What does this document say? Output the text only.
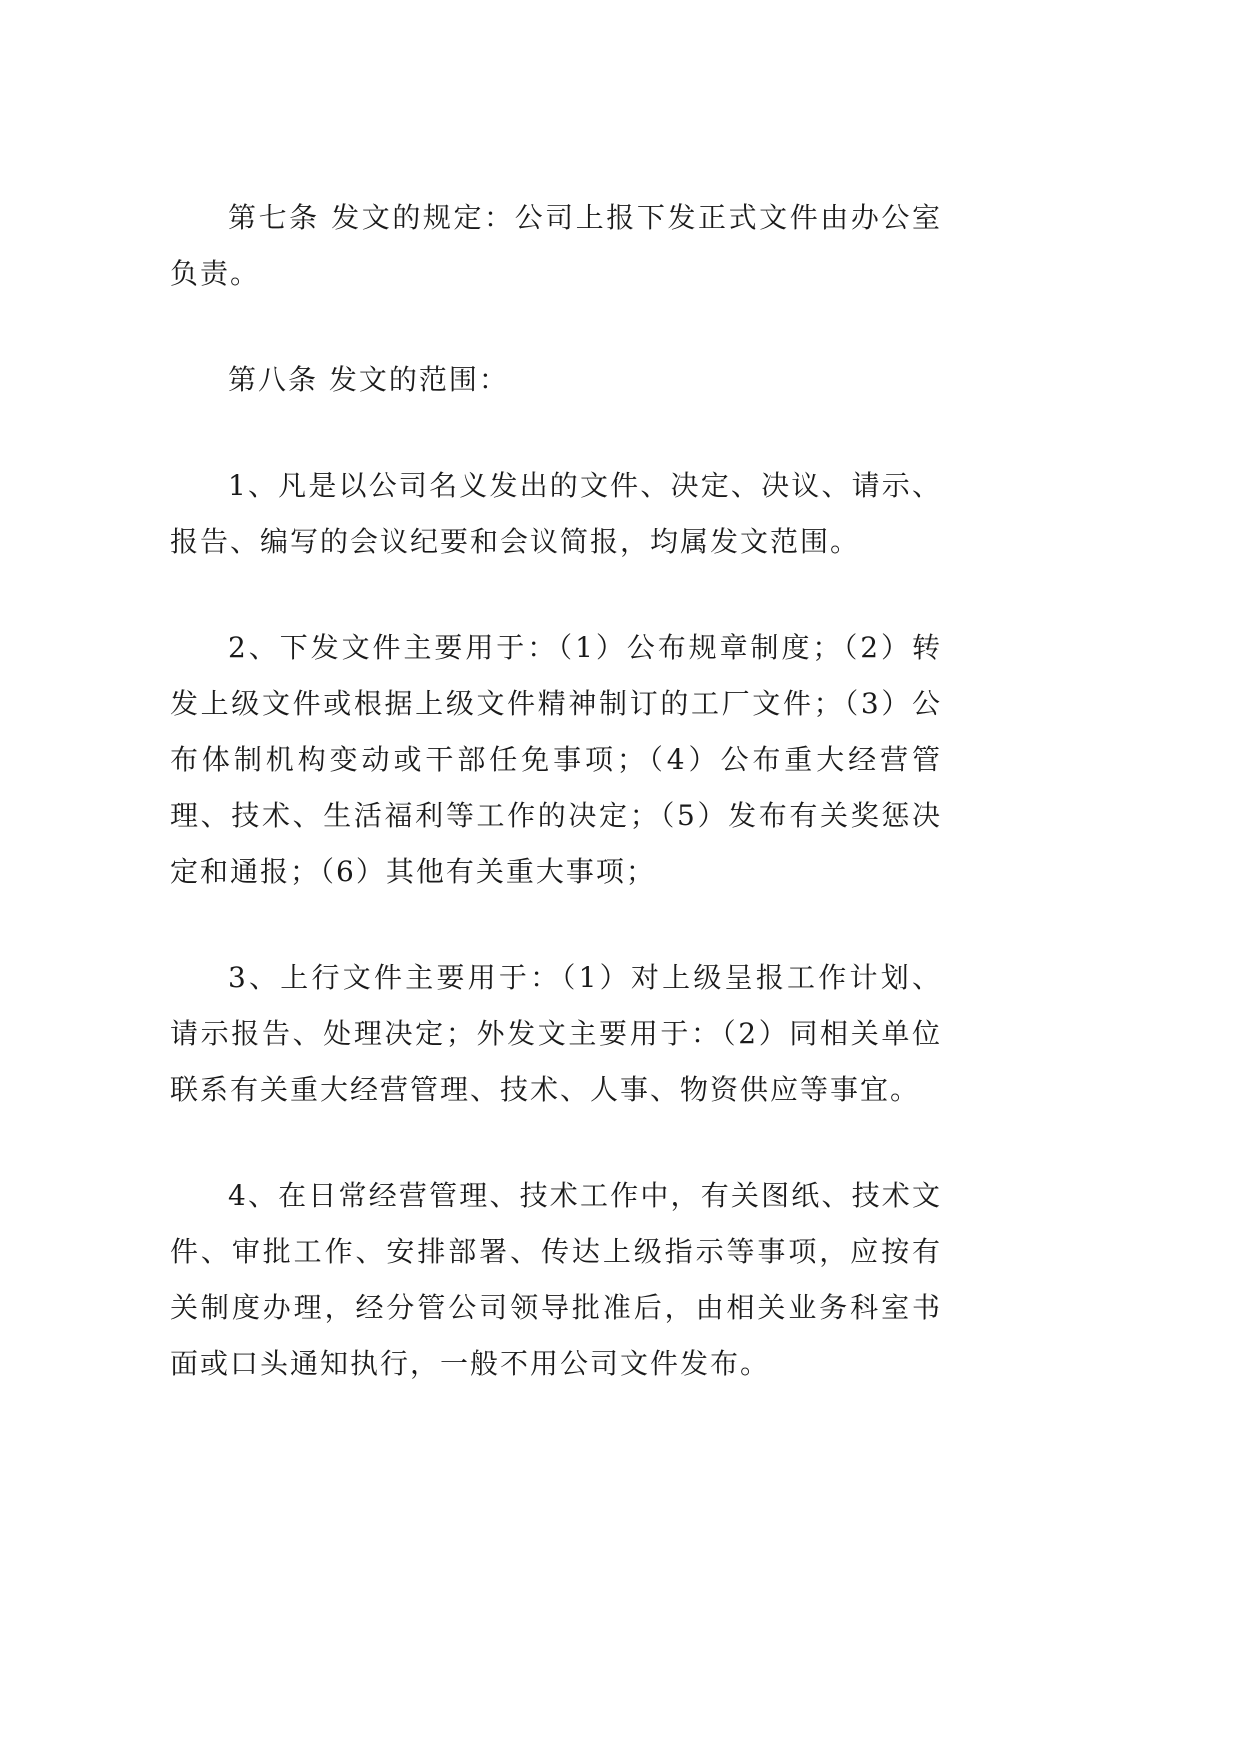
第七条 发文的规定：公司上报下发正式文件由办公室负责。

第八条 发文的范围：

1、凡是以公司名义发出的文件、决定、决议、请示、报告、编写的会议纪要和会议简报，均属发文范围。

2、下发文件主要用于：（1）公布规章制度；（2）转发上级文件或根据上级文件精神制订的工厂文件；（3）公布体制机构变动或干部任免事项；（4）公布重大经营管理、技术、生活福利等工作的决定；（5）发布有关奖惩决定和通报；（6）其他有关重大事项；

3、上行文件主要用于：（1）对上级呈报工作计划、请示报告、处理决定；外发文主要用于：（2）同相关单位联系有关重大经营管理、技术、人事、物资供应等事宜。

4、在日常经营管理、技术工作中，有关图纸、技术文件、审批工作、安排部署、传达上级指示等事项，应按有关制度办理，经分管公司领导批准后，由相关业务科室书面或口头通知执行，一般不用公司文件发布。
